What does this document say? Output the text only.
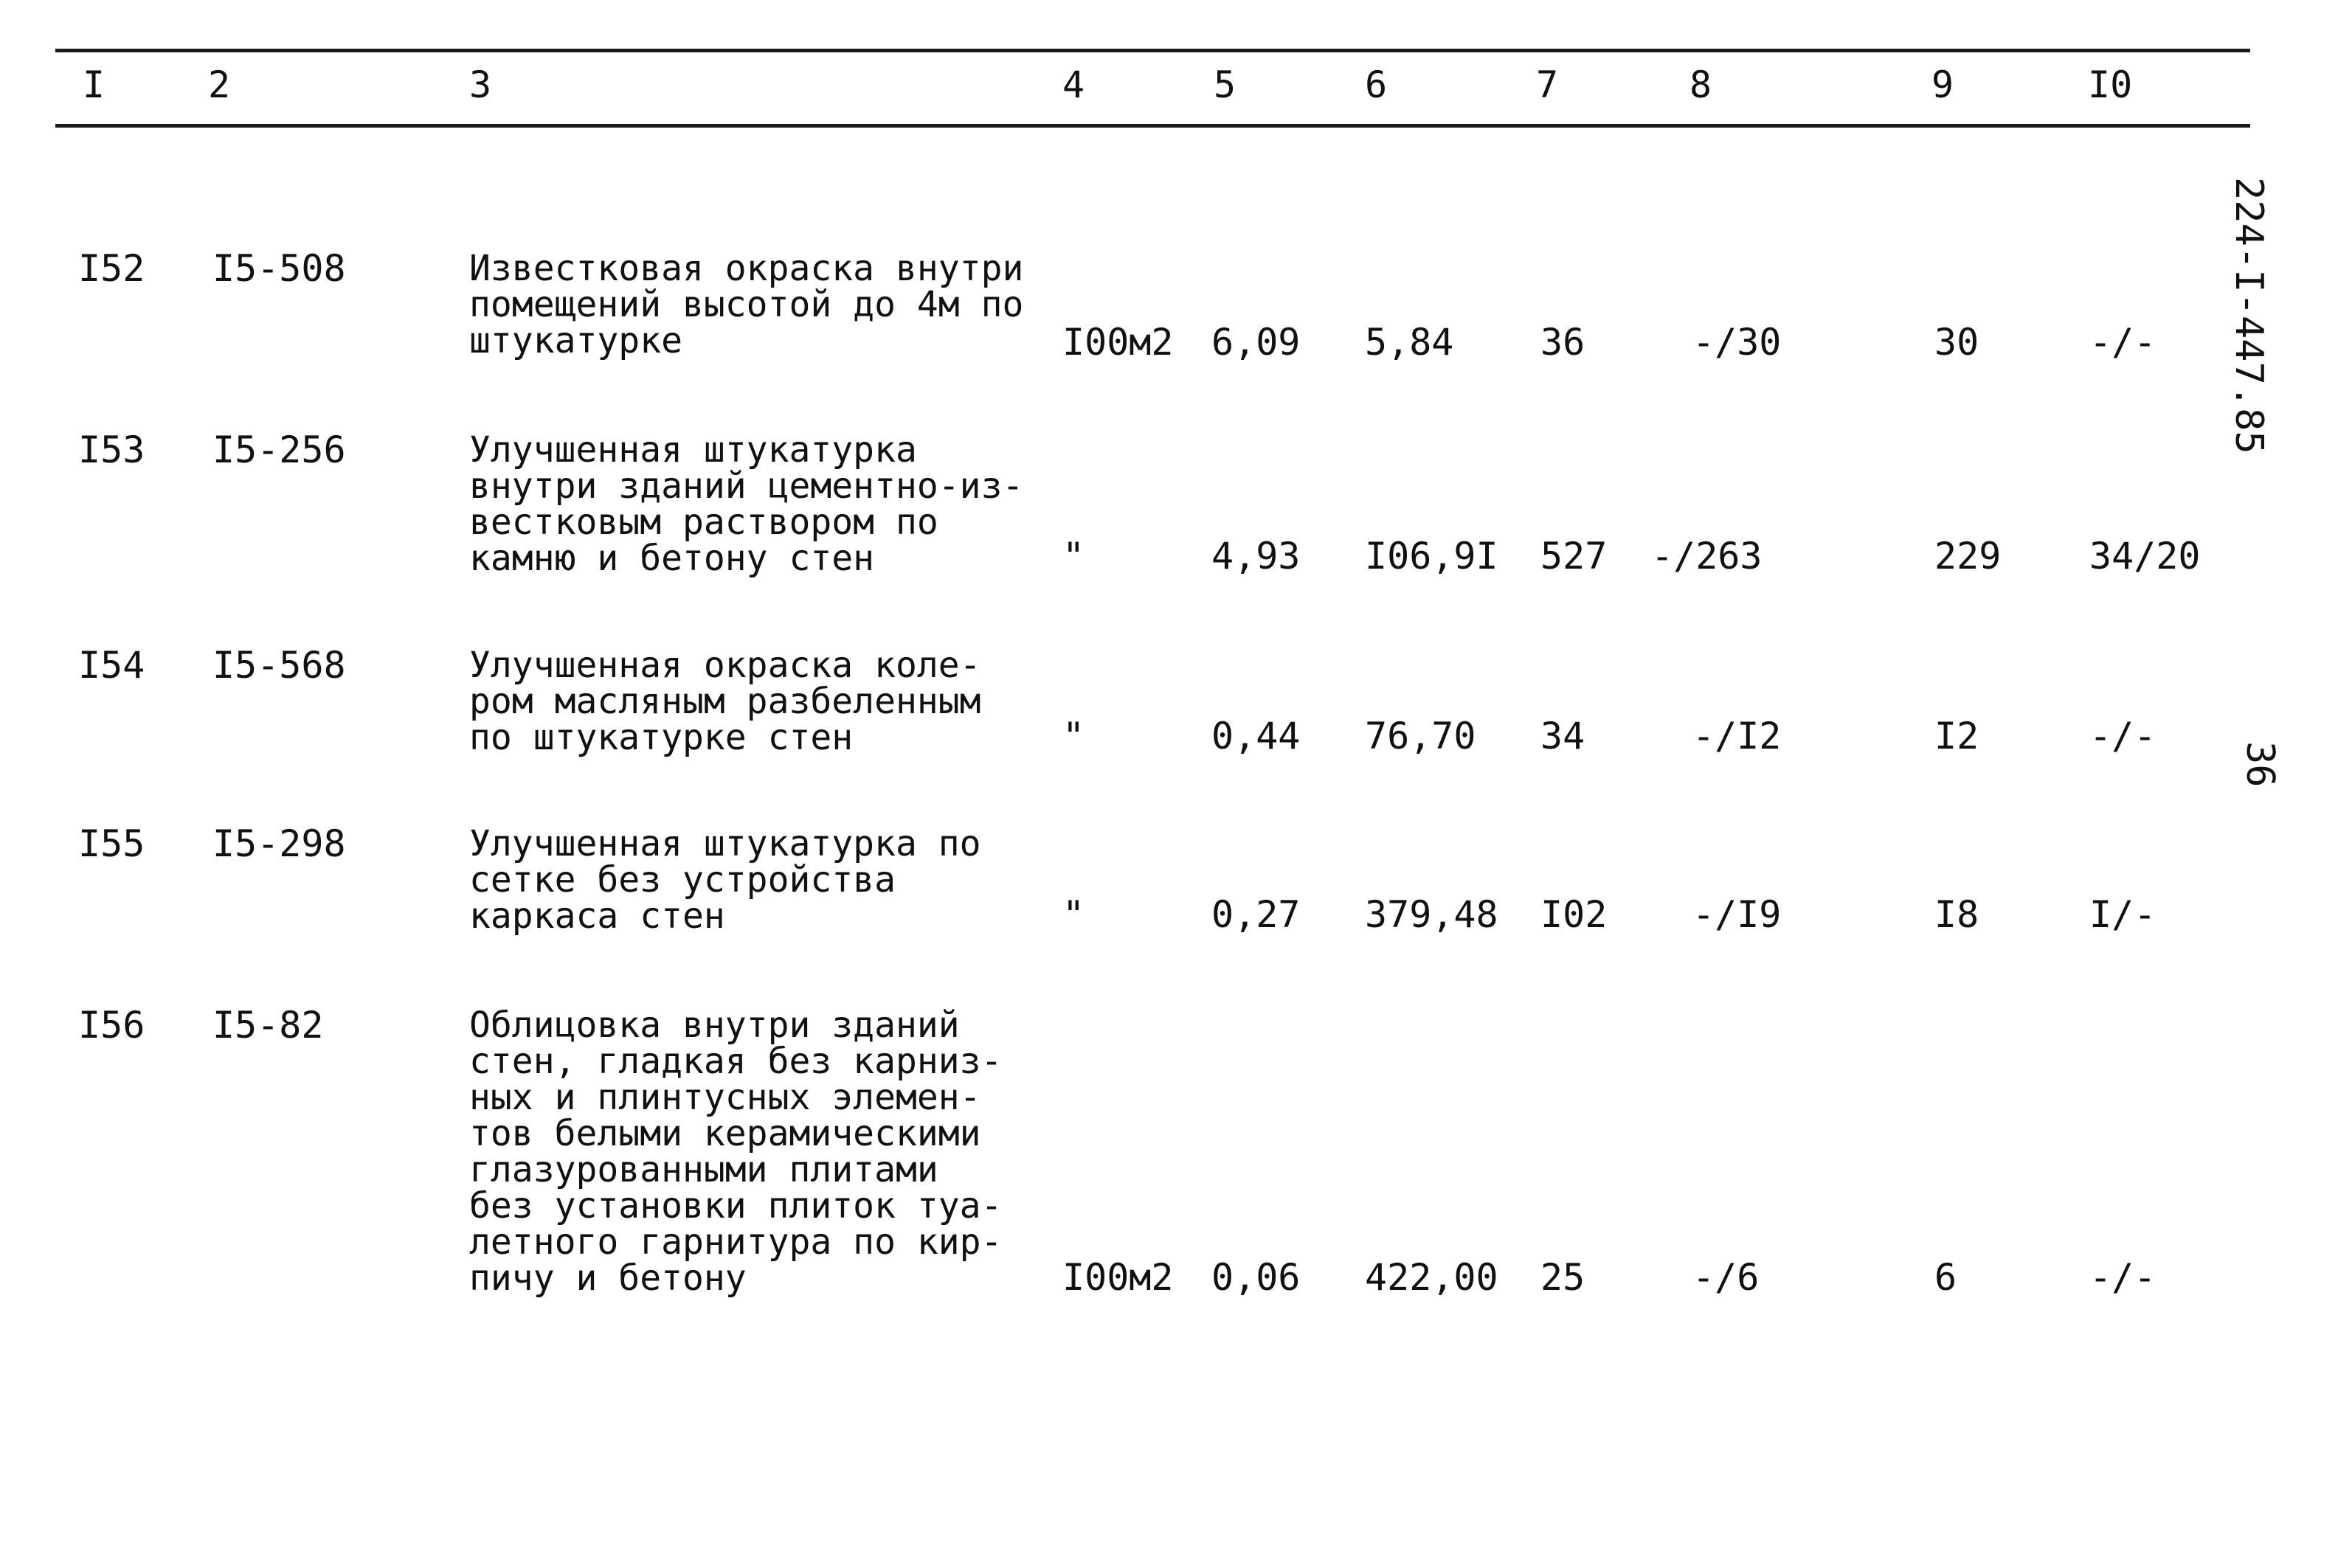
I	2	3	4	5	6	7	8	9	I0
I52 I5-508	Известковая окраска внутри
помещений высотой до 4м по
штукатурке	I00м2 6,09 5,84 36	-/30	30	-/-
I53 I5-256	Улучшенная штукатурка
внутри зданий цементно-из-
вестковым раствором по
камню и бетону стен	"	4,93 I06,9I 527 -/263	229 34/20
I54 I5-568	Улучшенная окраска коле-
ром масляным разбеленным
по штукатурке стен	"	0,44 76,70 34	-/I2	I2	-/-
I55 I5-298	Улучшенная штукатурка по
сетке без устройства
каркаса стен	"	0,27 379,48 I02 -/I9	I8	I/-
I56 I5-82	Облицовка внутри зданий
стен, гладкая без карниз-
ных и плинтусных элемен-
тов белыми керамическими
глазурованными плитами
без установки плиток туа-
летного гарнитура по кир-
пичу и бетону	I00м2 0,06 422,00 25	-/6	6	-/-
224-I-447.85
36
